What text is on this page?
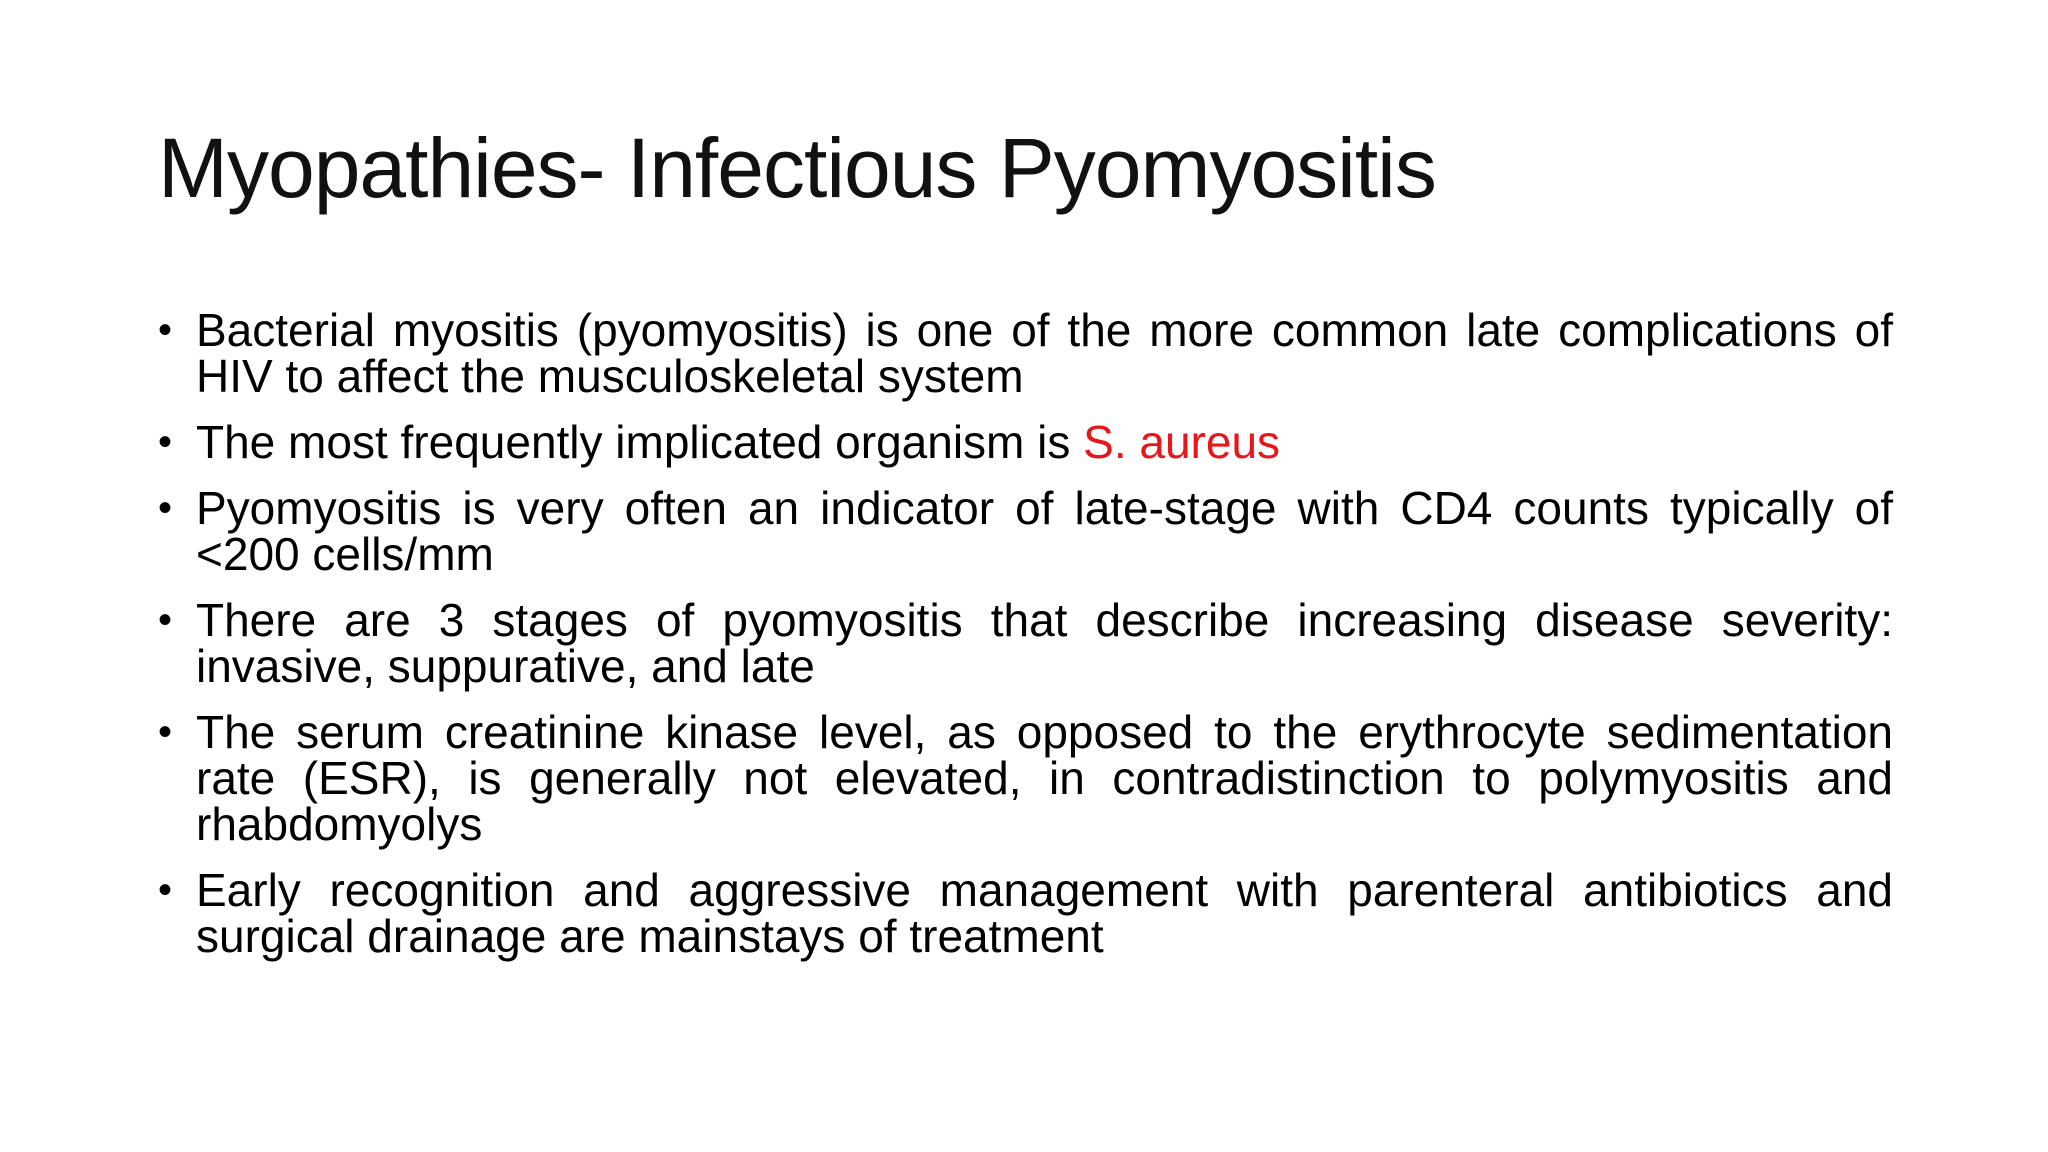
Myopathies- Infectious Pyomyositis
• Bacterial myositis (pyomyositis) is one of the more common late complications of HIV to affect the musculoskeletal system
• The most frequently implicated organism is S. aureus
• Pyomyositis is very often an indicator of late-stage with CD4 counts typically of <200 cells/mm
• There are 3 stages of pyomyositis that describe increasing disease severity: invasive, suppurative, and late
• The serum creatinine kinase level, as opposed to the erythrocyte sedimentation rate (ESR), is generally not elevated, in contradistinction to polymyositis and rhabdomyolys
• Early recognition and aggressive management with parenteral antibiotics and surgical drainage are mainstays of treatment
